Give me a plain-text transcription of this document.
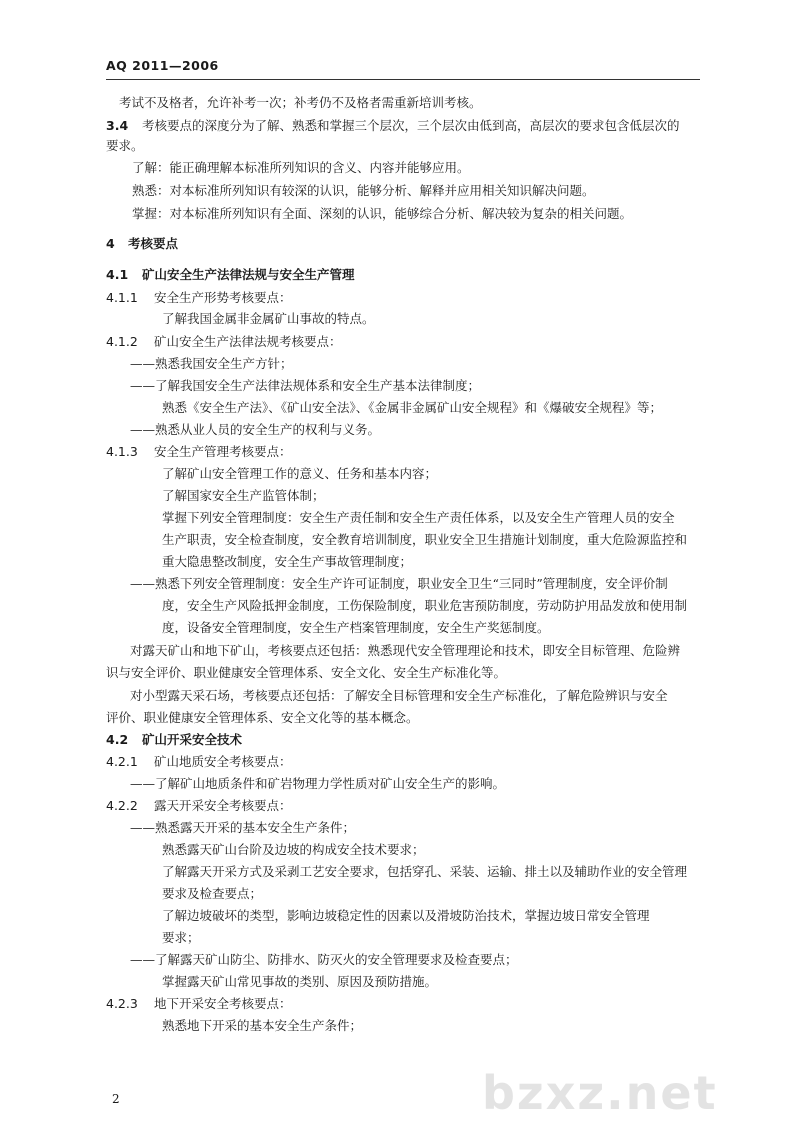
AQ 2011—2006
考试不及格者，允许补考一次；补考仍不及格者需重新培训考核。
3.4 考核要点的深度分为了解、熟悉和掌握三个层次，三个层次由低到高，高层次的要求包含低层次的
要求。
了解：能正确理解本标准所列知识的含义、内容并能够应用。
熟悉：对本标准所列知识有较深的认识，能够分析、解释并应用相关知识解决问题。
掌握：对本标准所列知识有全面、深刻的认识，能够综合分析、解决较为复杂的相关问题。
4 考核要点
4.1 矿山安全生产法律法规与安全生产管理
4.1.1 安全生产形势考核要点：
了解我国金属非金属矿山事故的特点。
4.1.2 矿山安全生产法律法规考核要点：
——熟悉我国安全生产方针；
——了解我国安全生产法律法规体系和安全生产基本法律制度；
熟悉《安全生产法》、《矿山安全法》、《金属非金属矿山安全规程》和《爆破安全规程》等；
——熟悉从业人员的安全生产的权利与义务。
4.1.3 安全生产管理考核要点：
了解矿山安全管理工作的意义、任务和基本内容；
了解国家安全生产监管体制；
掌握下列安全管理制度：安全生产责任制和安全生产责任体系，以及安全生产管理人员的安全
生产职责，安全检查制度，安全教育培训制度，职业安全卫生措施计划制度，重大危险源监控和
重大隐患整改制度，安全生产事故管理制度；
——熟悉下列安全管理制度：安全生产许可证制度，职业安全卫生“三同时”管理制度，安全评价制
度，安全生产风险抵押金制度，工伤保险制度，职业危害预防制度，劳动防护用品发放和使用制
度，设备安全管理制度，安全生产档案管理制度，安全生产奖惩制度。
对露天矿山和地下矿山，考核要点还包括：熟悉现代安全管理理论和技术，即安全目标管理、危险辨
识与安全评价、职业健康安全管理体系、安全文化、安全生产标准化等。
对小型露天采石场，考核要点还包括：了解安全目标管理和安全生产标准化，了解危险辨识与安全
评价、职业健康安全管理体系、安全文化等的基本概念。
4.2 矿山开采安全技术
4.2.1 矿山地质安全考核要点：
——了解矿山地质条件和矿岩物理力学性质对矿山安全生产的影响。
4.2.2 露天开采安全考核要点：
——熟悉露天开采的基本安全生产条件；
熟悉露天矿山台阶及边坡的构成安全技术要求；
了解露天开采方式及采剥工艺安全要求，包括穿孔、采装、运输、排土以及辅助作业的安全管理
要求及检查要点；
了解边坡破坏的类型，影响边坡稳定性的因素以及滑坡防治技术，掌握边坡日常安全管理
要求；
——了解露天矿山防尘、防排水、防灭火的安全管理要求及检查要点；
掌握露天矿山常见事故的类别、原因及预防措施。
4.2.3 地下开采安全考核要点：
熟悉地下开采的基本安全生产条件；
2	bzxz.net
